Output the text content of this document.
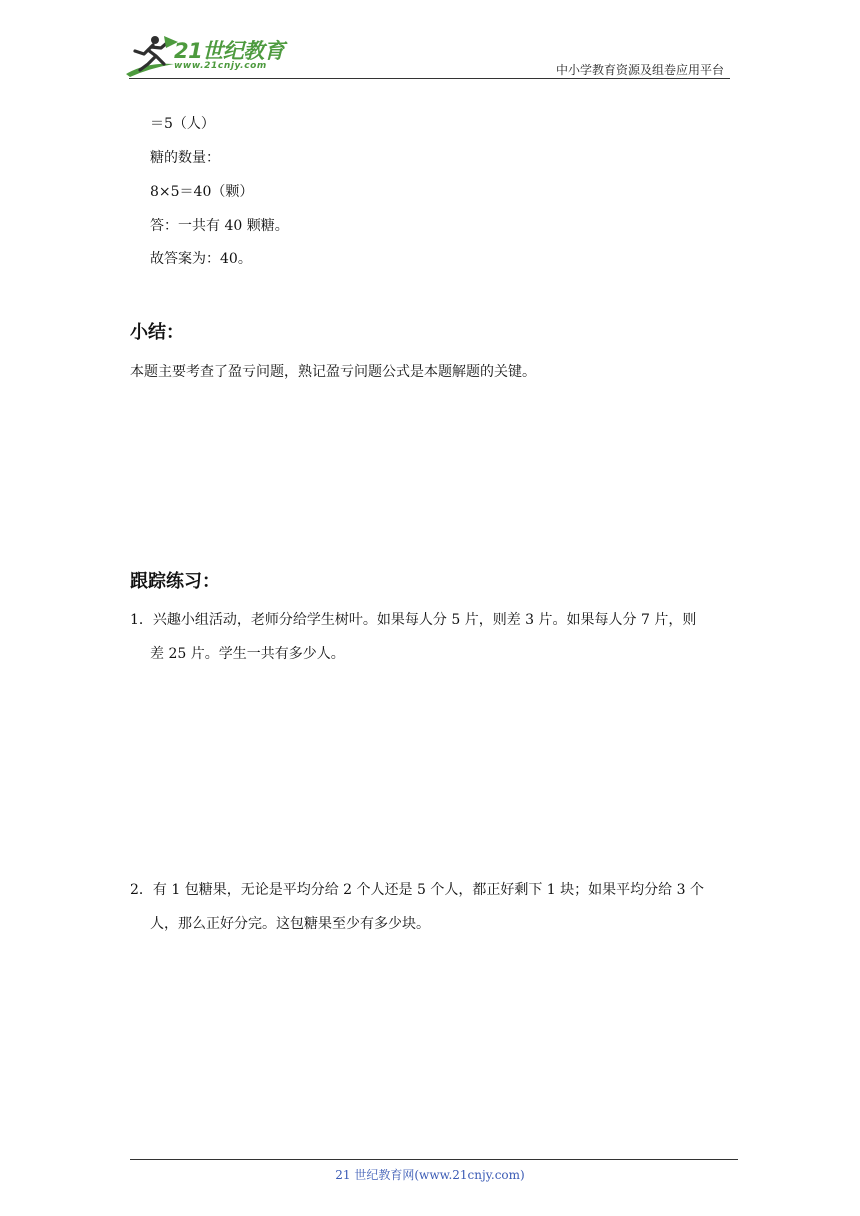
21世纪教育
www.21cnjy.com	中小学教育资源及组卷应用平台
＝5（人）
糖的数量：
8×5＝40（颗）
答：一共有 40 颗糖。
故答案为：40。
小结：
本题主要考查了盈亏问题，熟记盈亏问题公式是本题解题的关键。
跟踪练习：
1．兴趣小组活动，老师分给学生树叶。如果每人分 5 片，则差 3 片。如果每人分 7 片，则
差 25 片。学生一共有多少人。
2．有 1 包糖果，无论是平均分给 2 个人还是 5 个人，都正好剩下 1 块；如果平均分给 3 个
人，那么正好分完。这包糖果至少有多少块。
21 世纪教育网(www.21cnjy.com)
